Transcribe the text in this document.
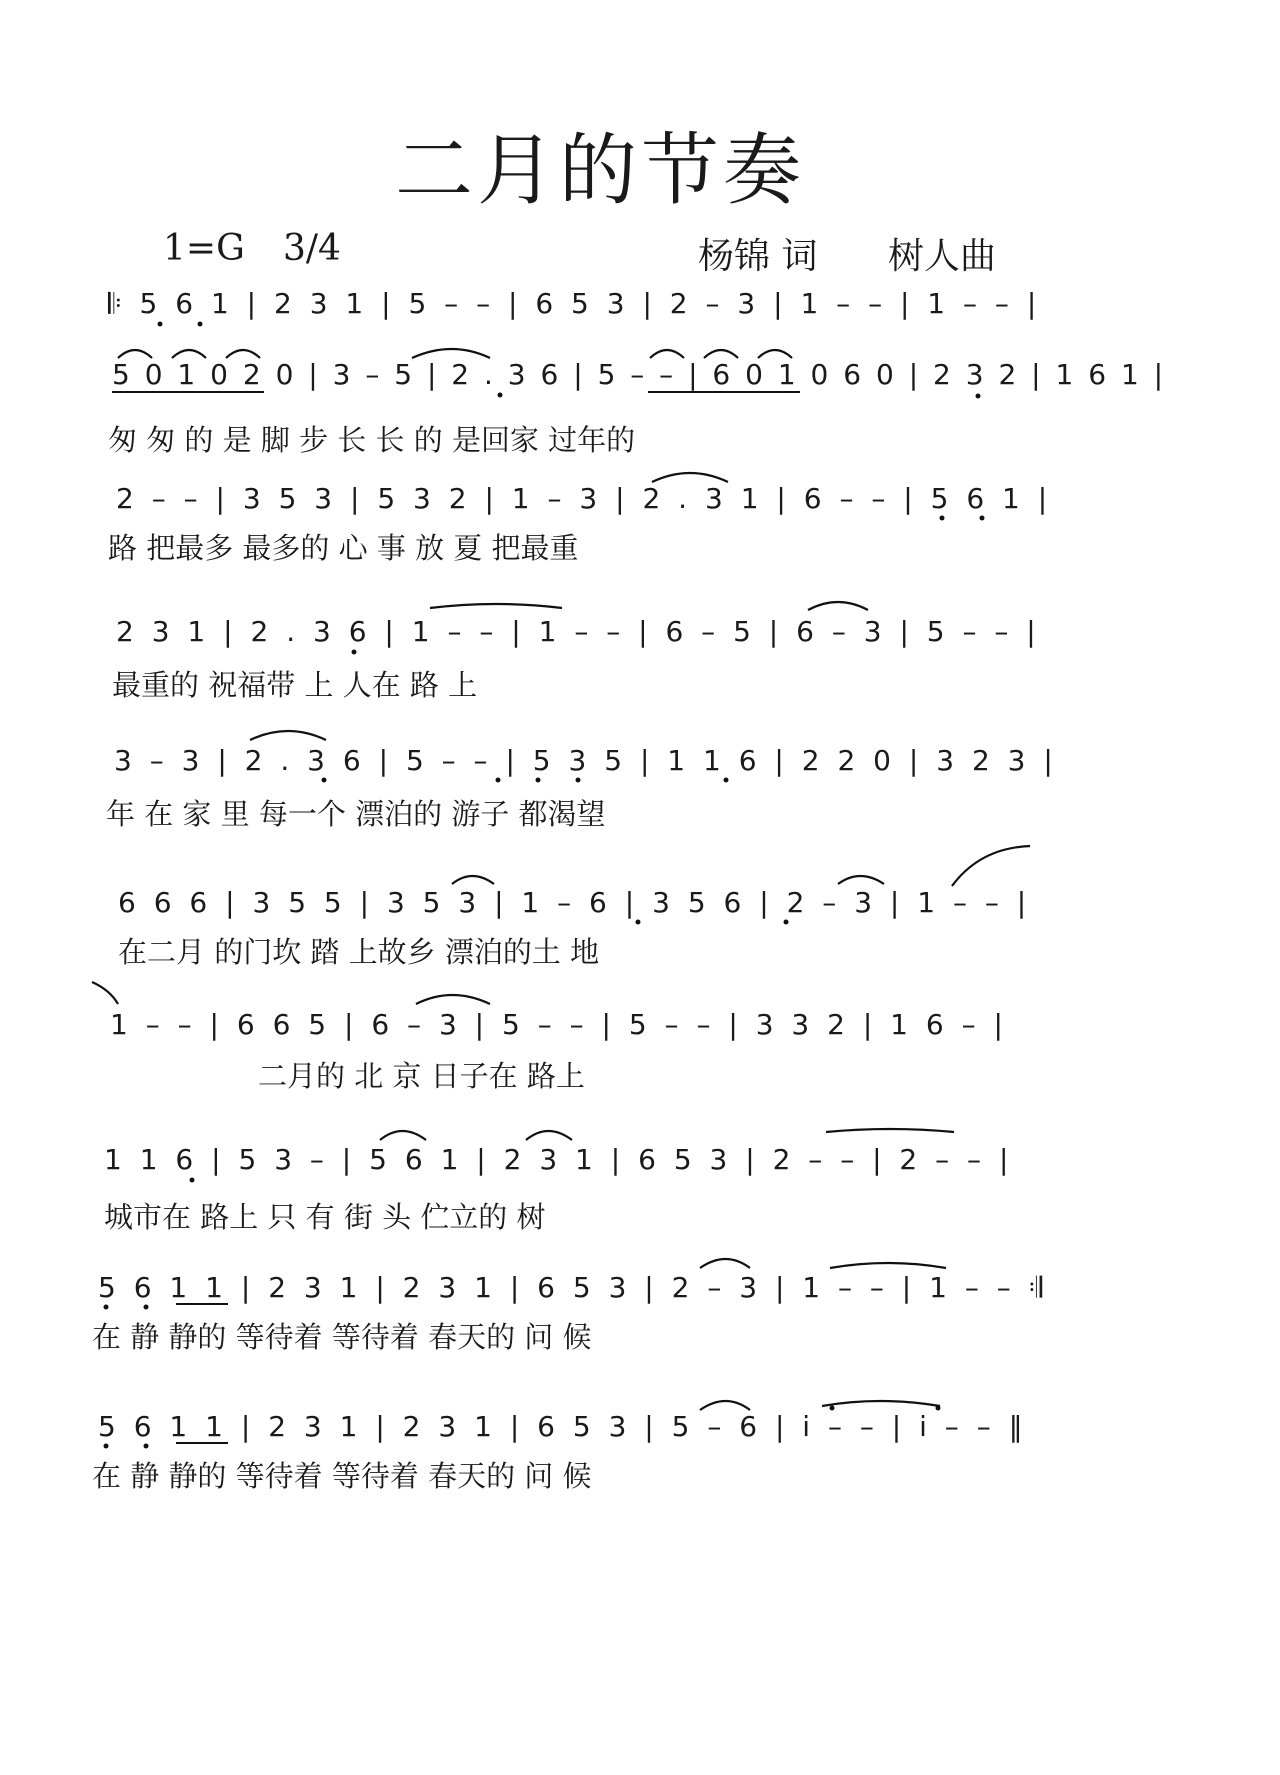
二月的节奏
1=G 3/4	杨锦 词 树人曲
𝄆 5 6 1 | 2 3 1 | 5 – – | 6 5 3 | 2 – 3 | 1 – – | 1 – – |
5 0 1 0 2 0 | 3 – 5 | 2 . 3 6 | 5 – – | 6 0 1 0 6 0 | 2 3 2 | 1 6 1 |
匆 匆 的 是 脚 步 长 长 的 是回家 过年的
2 – – | 3 5 3 | 5 3 2 | 1 – 3 | 2 . 3 1 | 6 – – | 5 6 1 |
路 把最多 最多的 心 事 放 夏 把最重
2 3 1 | 2 . 3 6 | 1 – – | 1 – – | 6 – 5 | 6 – 3 | 5 – – |
最重的 祝福带 上 人在 路 上
3 – 3 | 2 . 3 6 | 5 – – | 5 3 5 | 1 1 6 | 2 2 0 | 3 2 3 |
年 在 家 里 每一个 漂泊的 游子 都渴望
6 6 6 | 3 5 5 | 3 5 3 | 1 – 6 | 3 5 6 | 2 – 3 | 1 – – |
在二月 的门坎 踏 上故乡 漂泊的土 地
1 – – | 6 6 5 | 6 – 3 | 5 – – | 5 – – | 3 3 2 | 1 6 – |
二月的 北 京 日子在 路上
1 1 6 | 5 3 – | 5 6 1 | 2 3 1 | 6 5 3 | 2 – – | 2 – – |
城市在 路上 只 有 街 头 伫立的 树
5 6 1 1 | 2 3 1 | 2 3 1 | 6 5 3 | 2 – 3 | 1 – – | 1 – – 𝄇
在 静 静的 等待着 等待着 春天的 问 候
5 6 1 1 | 2 3 1 | 2 3 1 | 6 5 3 | 5 – 6 | i – – | i – – ‖
在 静 静的 等待着 等待着 春天的 问 候
